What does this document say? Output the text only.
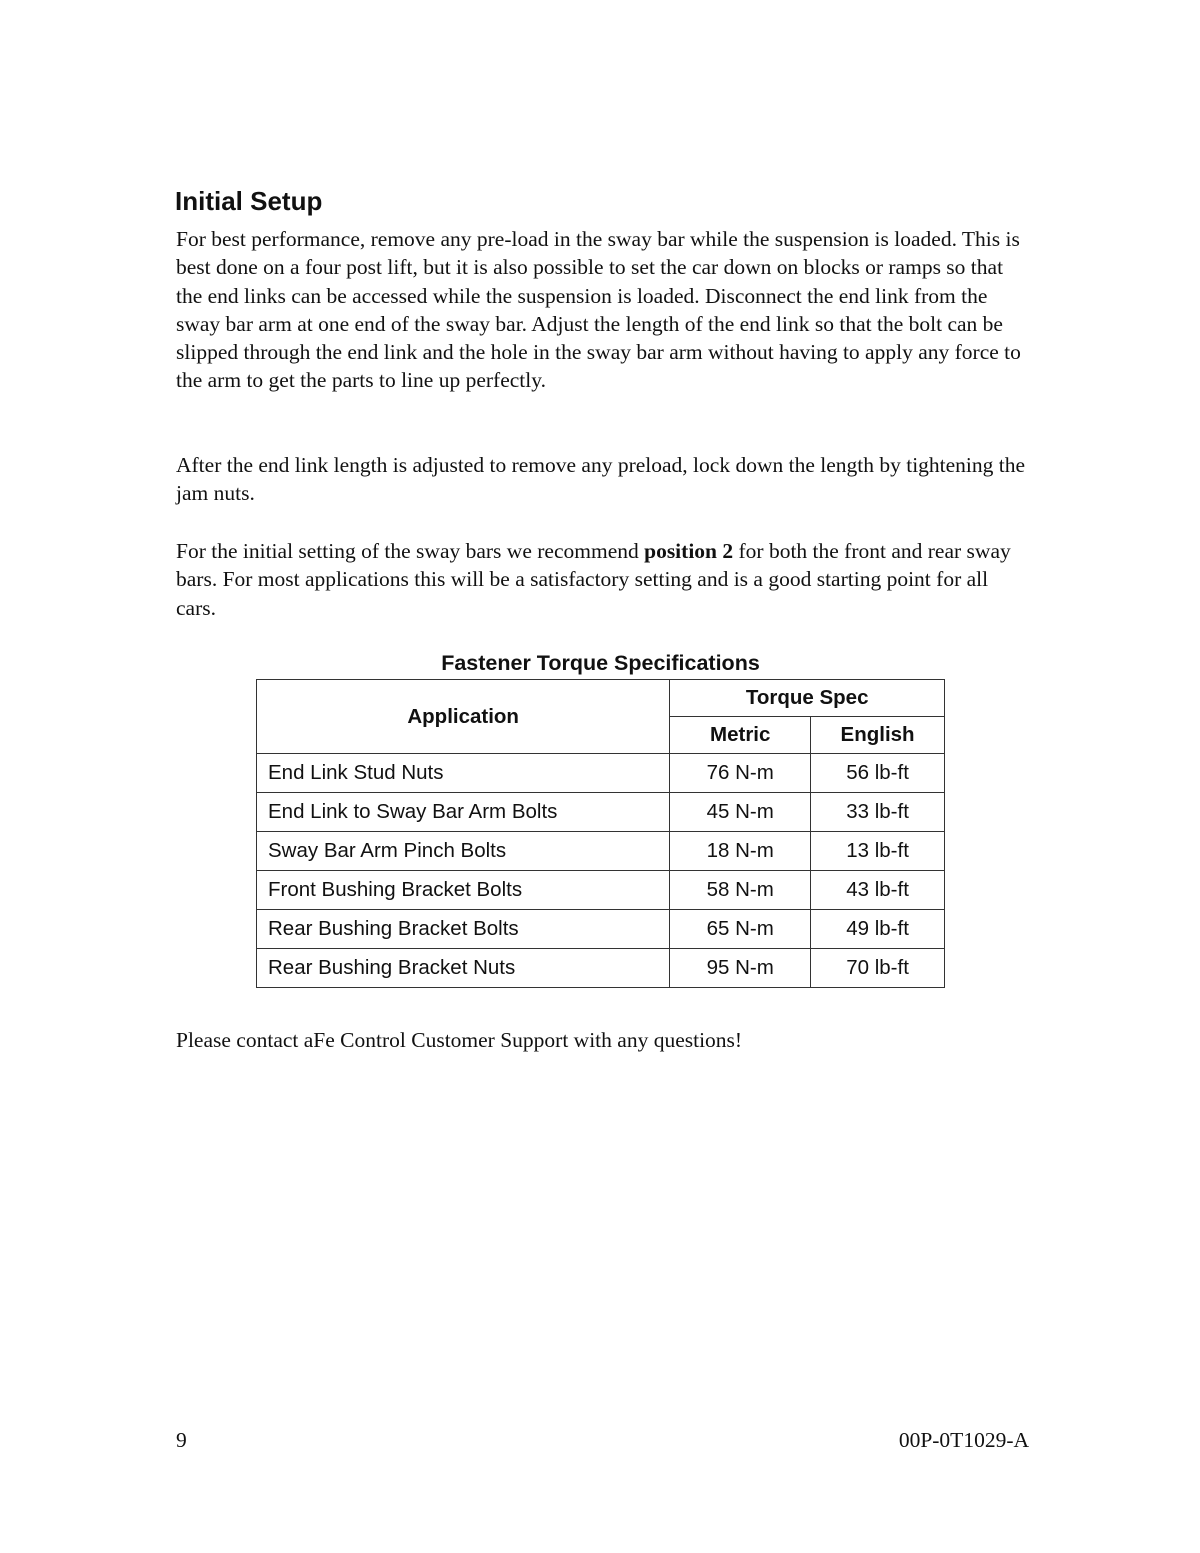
Initial Setup

For best performance, remove any pre-load in the sway bar while the suspension is loaded. This is best done on a four post lift, but it is also possible to set the car down on blocks or ramps so that the end links can be accessed while the suspension is loaded. Disconnect the end link from the sway bar arm at one end of the sway bar. Adjust the length of the end link so that the bolt can be slipped through the end link and the hole in the sway bar arm without having to apply any force to the arm to get the parts to line up perfectly.

After the end link length is adjusted to remove any preload, lock down the length by tightening the jam nuts.

For the initial setting of the sway bars we recommend position 2 for both the front and rear sway bars. For most applications this will be a satisfactory setting and is a good starting point for all cars.

Fastener Torque Specifications
Application	Torque Spec	
	Metric	English
End Link Stud Nuts	76 N-m	56 lb-ft
End Link to Sway Bar Arm Bolts	45 N-m	33 lb-ft
Sway Bar Arm Pinch Bolts	18 N-m	13 lb-ft
Front Bushing Bracket Bolts	58 N-m	43 lb-ft
Rear Bushing Bracket Bolts	65 N-m	49 lb-ft
Rear Bushing Bracket Nuts	95 N-m	70 lb-ft

Please contact aFe Control Customer Support with any questions!

9	00P-0T1029-A
